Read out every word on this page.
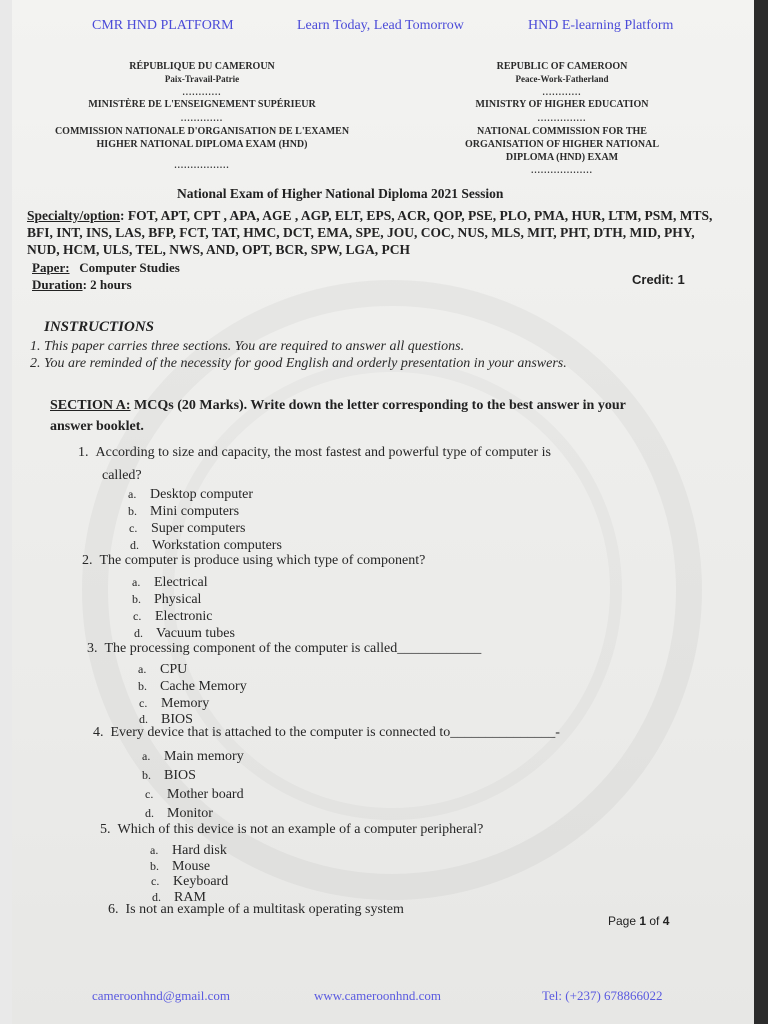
CMR HND PLATFORM	Learn Today, Lead Tomorrow	HND E-learning Platform
RÉPUBLIQUE DU CAMEROUN
Paix-Travail-Patrie
............
MINISTÈRE DE L'ENSEIGNEMENT SUPÉRIEUR
.............
COMMISSION NATIONALE D'ORGANISATION DE L'EXAMEN
HIGHER NATIONAL DIPLOMA EXAM (HND)
.................
REPUBLIC OF CAMEROON
Peace-Work-Fatherland
............
MINISTRY OF HIGHER EDUCATION
...............
NATIONAL COMMISSION FOR THE
ORGANISATION OF HIGHER NATIONAL
DIPLOMA (HND) EXAM
...................
National Exam of Higher National Diploma 2021 Session
Specialty/option: FOT, APT, CPT , APA, AGE , AGP, ELT, EPS, ACR, QOP, PSE, PLO, PMA, HUR, LTM, PSM, MTS, BFI, INT, INS, LAS, BFP, FCT, TAT, HMC, DCT, EMA, SPE, JOU, COC, NUS, MLS, MIT, PHT, DTH, MID, PHY, NUD, HCM, ULS, TEL, NWS, AND, OPT, BCR, SPW, LGA, PCH
Paper: Computer Studies
Duration: 2 hours	Credit: 1
INSTRUCTIONS
1. This paper carries three sections. You are required to answer all questions.
2. You are reminded of the necessity for good English and orderly presentation in your answers.
SECTION A: MCQs (20 Marks). Write down the letter corresponding to the best answer in your answer booklet.
1. According to size and capacity, the most fastest and powerful type of computer is
called?
a. Desktop computer
b. Mini computers
c. Super computers
d. Workstation computers
2. The computer is produce using which type of component?
a. Electrical
b. Physical
c. Electronic
d. Vacuum tubes
3. The processing component of the computer is called____________
a. CPU
b. Cache Memory
c. Memory
d. BIOS
4. Every device that is attached to the computer is connected to_______________-
a. Main memory
b. BIOS
c. Mother board
d. Monitor
5. Which of this device is not an example of a computer peripheral?
a. Hard disk
b. Mouse
c. Keyboard
d. RAM
6. Is not an example of a multitask operating system
Page 1 of 4
cameroonhnd@gmail.com	www.cameroonhnd.com	Tel: (+237) 678866022
